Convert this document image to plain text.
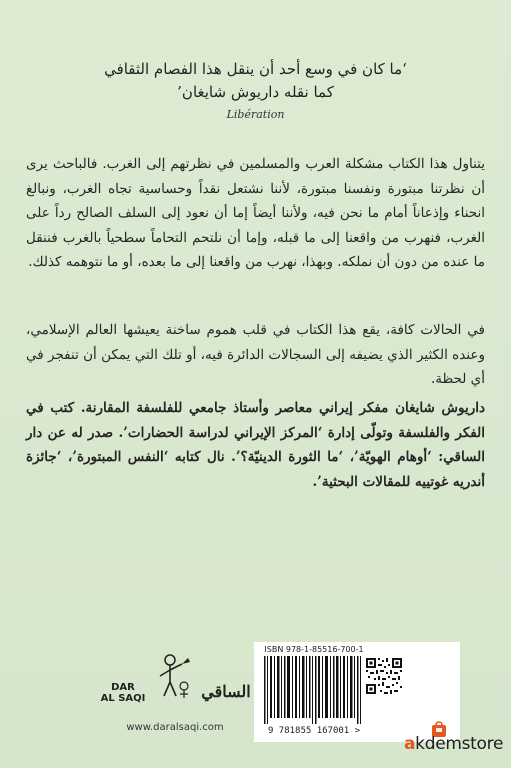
‘ما كان في وسع أحد أن ينقل هذا الفصام الثقافي
كما نقله داريوش شايغان’
Libération
يتناول هذا الكتاب مشكلة العرب والمسلمين في نظرتهم إلى الغرب. فالباحث يرى أن نظرتنا مبتورة ونفسنا مبتورة، لأننا نشتعل نقداً وحساسية تجاه الغرب، ونبالغ انحناء وإذعاناً أمام ما نحن فيه، ولأننا أيضاً إما أن نعود إلى السلف الصالح رداً على الغرب، فنهرب من واقعنا إلى ما قبله، وإما أن نلتحم التحاماً سطحياً بالغرب فننقل ما عنده من دون أن نملكه. وبهذا، نهرب من واقعنا إلى ما بعده، أو ما نتوهمه كذلك.
في الحالات كافة، يقع هذا الكتاب في قلب هموم ساخنة يعيشها العالم الإسلامي، وعنده الكثير الذي يضيفه إلى السجالات الدائرة فيه، أو تلك التي يمكن أن تنفجر في أي لحظة.
داريوش شايغان مفكر إيراني معاصر وأستاذ جامعي للفلسفة المقارنة. كتب في الفكر والفلسفة وتولّى إدارة ‘المركز الإيراني لدراسة الحضارات’. صدر له عن دار الساقي: ‘أوهام الهويّة’، ‘ما الثورة الدينيّة؟’. نال كتابه ‘النفس المبتورة’، ‘جائزة أندريه غوتييه للمقالات البحثية’.
DAR
AL SAQI	الساقي
www.daralsaqi.com
ISBN 978-1-85516-700-1
9 781855 167001 >
akdemstore
